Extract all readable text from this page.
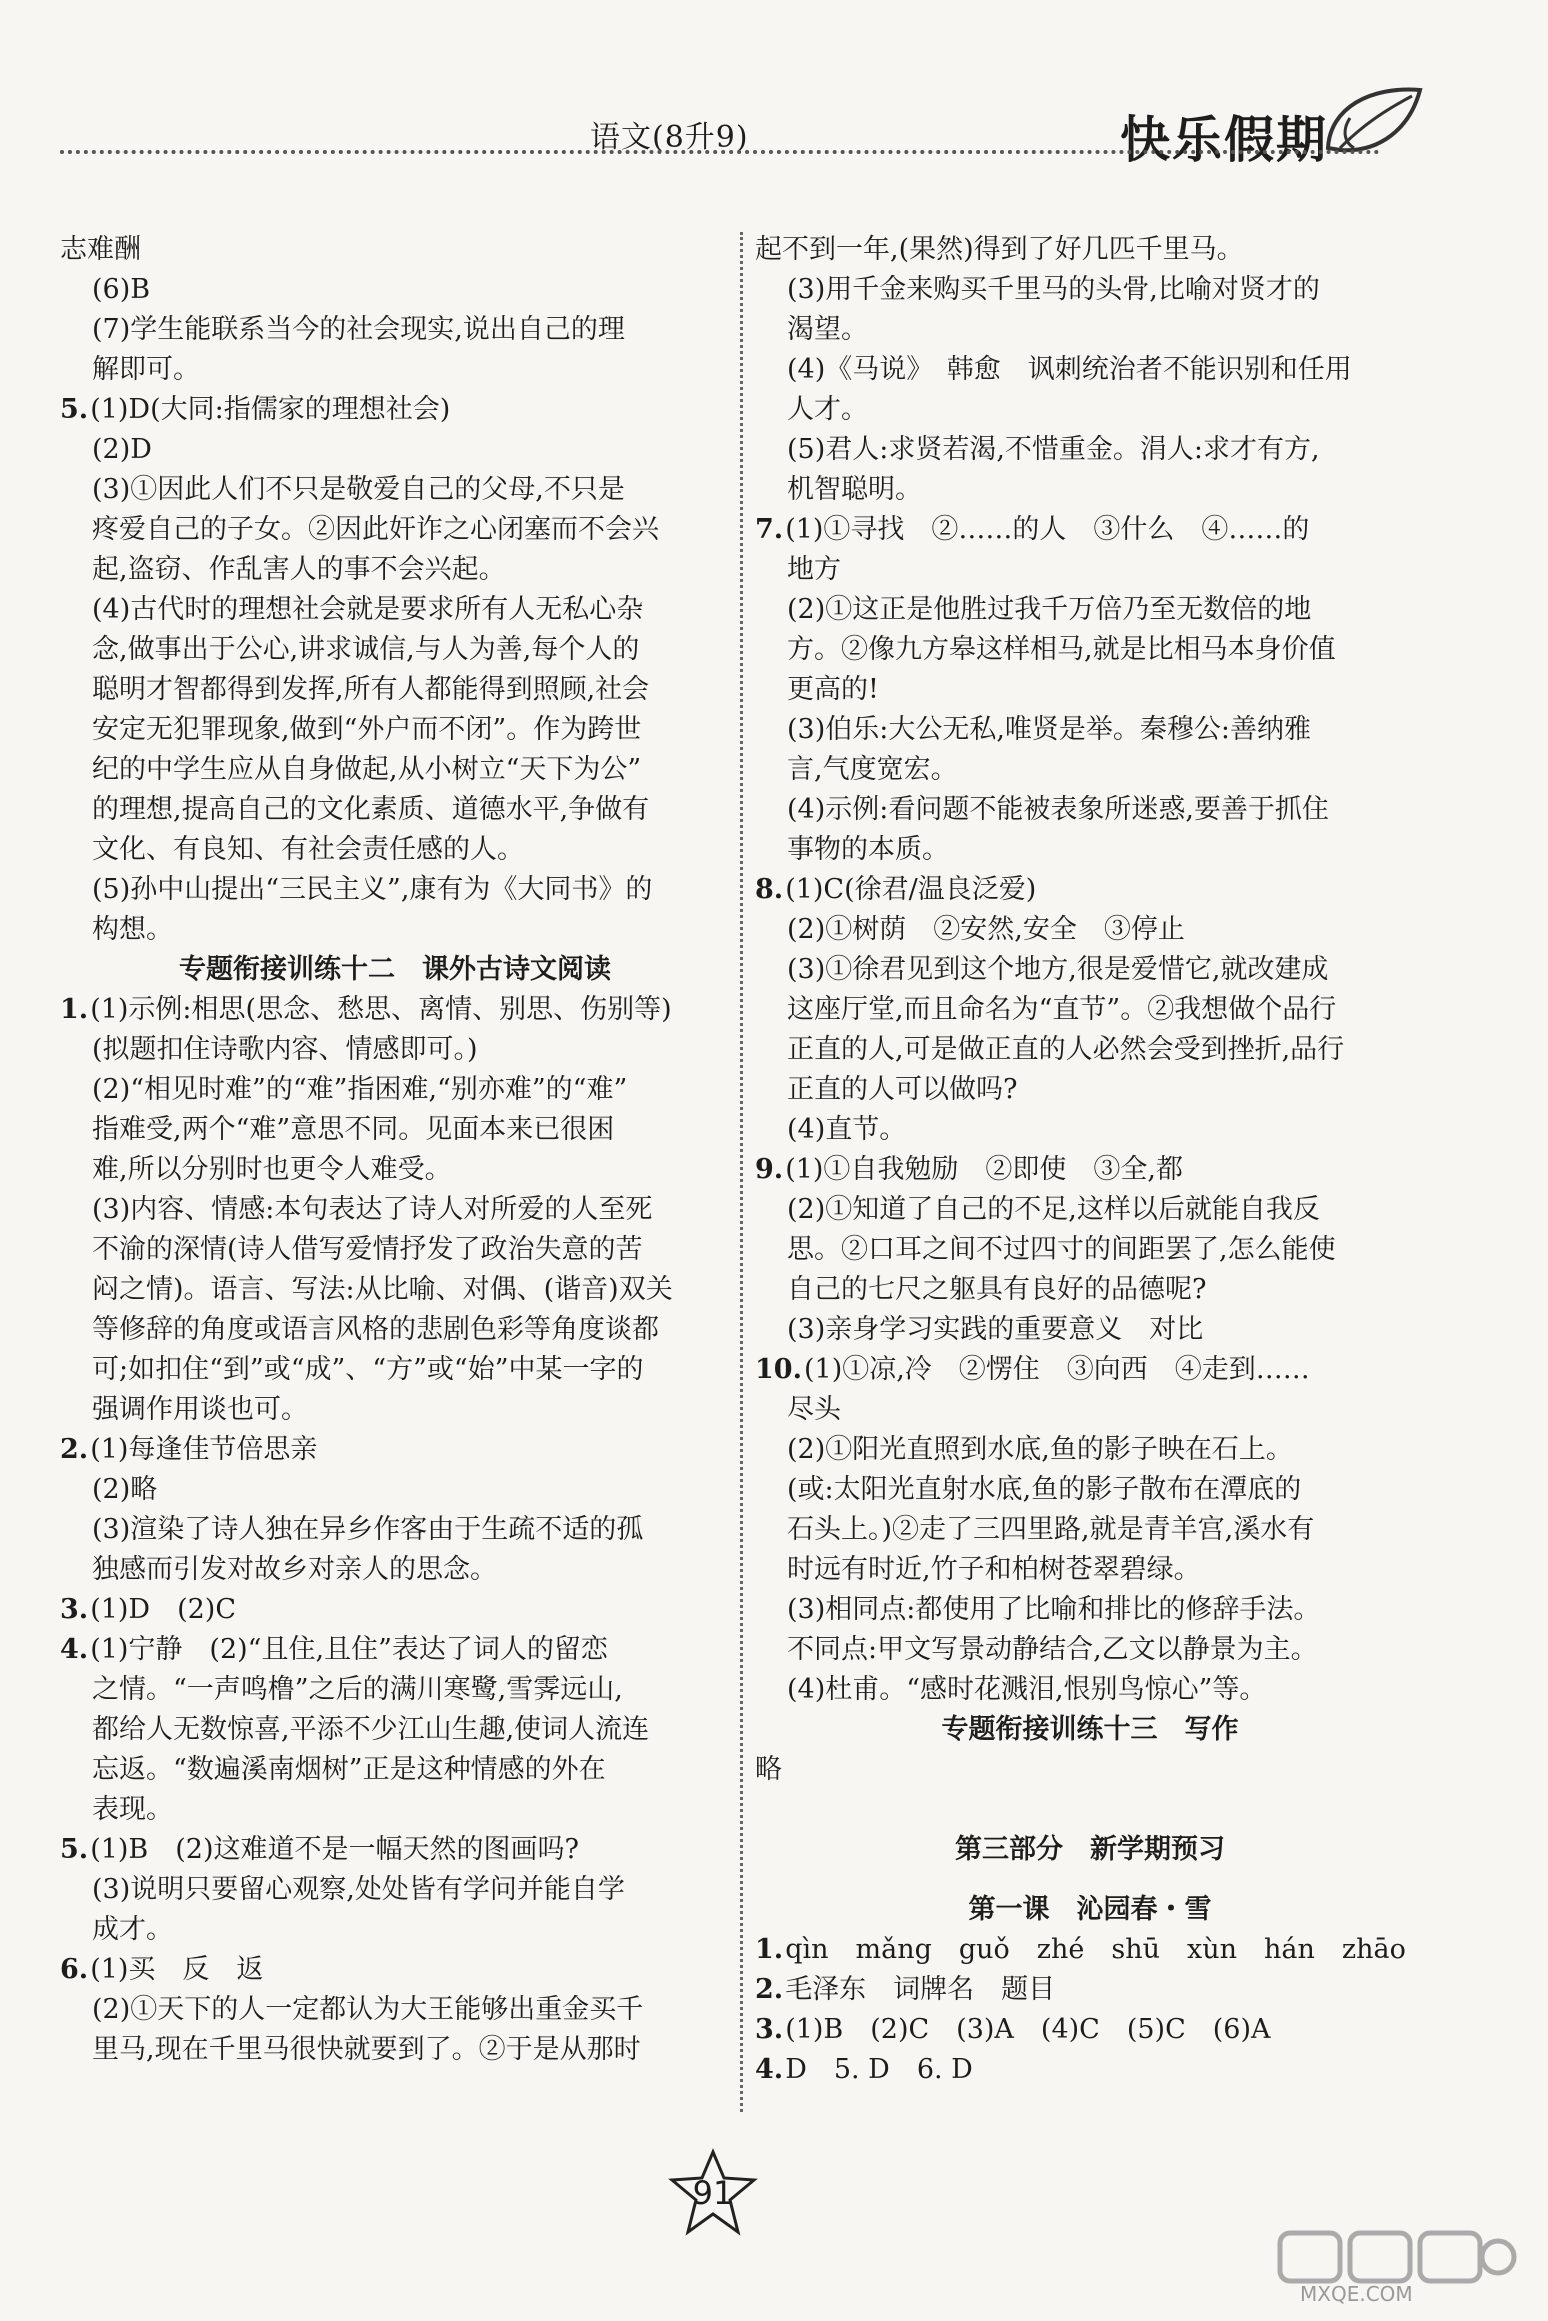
语文(8升9)	快乐假期
志难酬
(6)B
(7)学生能联系当今的社会现实,说出自己的理
解即可。
5.(1)D(大同:指儒家的理想社会)
(2)D
(3)①因此人们不只是敬爱自己的父母,不只是
疼爱自己的子女。②因此奸诈之心闭塞而不会兴
起,盗窃、作乱害人的事不会兴起。
(4)古代时的理想社会就是要求所有人无私心杂
念,做事出于公心,讲求诚信,与人为善,每个人的
聪明才智都得到发挥,所有人都能得到照顾,社会
安定无犯罪现象,做到“外户而不闭”。作为跨世
纪的中学生应从自身做起,从小树立“天下为公”
的理想,提高自己的文化素质、道德水平,争做有
文化、有良知、有社会责任感的人。
(5)孙中山提出“三民主义”,康有为《大同书》的
构想。
专题衔接训练十二　课外古诗文阅读
1.(1)示例:相思(思念、愁思、离情、别思、伤别等)
(拟题扣住诗歌内容、情感即可。)
(2)“相见时难”的“难”指困难,“别亦难”的“难”
指难受,两个“难”意思不同。见面本来已很困
难,所以分别时也更令人难受。
(3)内容、情感:本句表达了诗人对所爱的人至死
不渝的深情(诗人借写爱情抒发了政治失意的苦
闷之情)。语言、写法:从比喻、对偶、(谐音)双关
等修辞的角度或语言风格的悲剧色彩等角度谈都
可;如扣住“到”或“成”、“方”或“始”中某一字的
强调作用谈也可。
2.(1)每逢佳节倍思亲
(2)略
(3)渲染了诗人独在异乡作客由于生疏不适的孤
独感而引发对故乡对亲人的思念。
3.(1)D　(2)C
4.(1)宁静　(2)“且住,且住”表达了词人的留恋
之情。“一声鸣橹”之后的满川寒鹭,雪霁远山,
都给人无数惊喜,平添不少江山生趣,使词人流连
忘返。“数遍溪南烟树”正是这种情感的外在
表现。
5.(1)B　(2)这难道不是一幅天然的图画吗?
(3)说明只要留心观察,处处皆有学问并能自学
成才。
6.(1)买　反　返
(2)①天下的人一定都认为大王能够出重金买千
里马,现在千里马很快就要到了。②于是从那时
起不到一年,(果然)得到了好几匹千里马。
(3)用千金来购买千里马的头骨,比喻对贤才的
渴望。
(4)《马说》　韩愈　讽刺统治者不能识别和任用
人才。
(5)君人:求贤若渴,不惜重金。涓人:求才有方,
机智聪明。
7.(1)①寻找　②……的人　③什么　④……的
地方
(2)①这正是他胜过我千万倍乃至无数倍的地
方。②像九方皋这样相马,就是比相马本身价值
更高的!
(3)伯乐:大公无私,唯贤是举。秦穆公:善纳雅
言,气度宽宏。
(4)示例:看问题不能被表象所迷惑,要善于抓住
事物的本质。
8.(1)C(徐君/温良泛爱)
(2)①树荫　②安然,安全　③停止
(3)①徐君见到这个地方,很是爱惜它,就改建成
这座厅堂,而且命名为“直节”。②我想做个品行
正直的人,可是做正直的人必然会受到挫折,品行
正直的人可以做吗?
(4)直节。
9.(1)①自我勉励　②即使　③全,都
(2)①知道了自己的不足,这样以后就能自我反
思。②口耳之间不过四寸的间距罢了,怎么能使
自己的七尺之躯具有良好的品德呢?
(3)亲身学习实践的重要意义　对比
10.(1)①凉,冷　②愣住　③向西　④走到……
尽头
(2)①阳光直照到水底,鱼的影子映在石上。
(或:太阳光直射水底,鱼的影子散布在潭底的
石头上。)②走了三四里路,就是青羊宫,溪水有
时远有时近,竹子和柏树苍翠碧绿。
(3)相同点:都使用了比喻和排比的修辞手法。
不同点:甲文写景动静结合,乙文以静景为主。
(4)杜甫。“感时花溅泪,恨别鸟惊心”等。
专题衔接训练十三　写作
略
第三部分　新学期预习
第一课　沁园春・雪
1.qìn　mǎng　guǒ　zhé　shū　xùn　hán　zhāo
2.毛泽东　词牌名　题目
3.(1)B　(2)C　(3)A　(4)C　(5)C　(6)A
4.D　5. D　6. D
91
MXQE.COM
